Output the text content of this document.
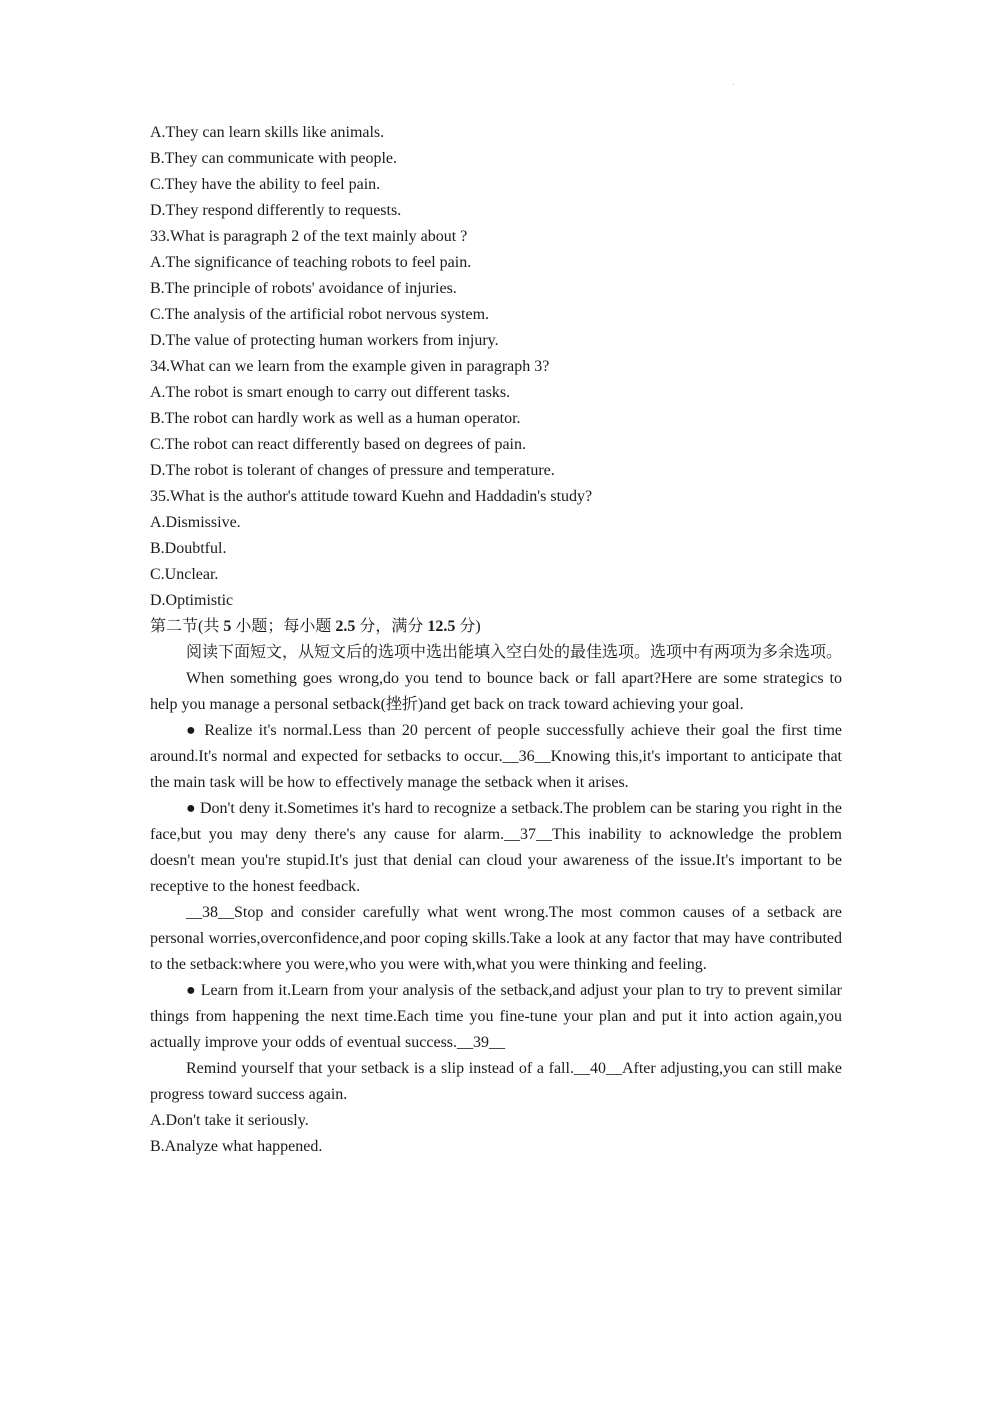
A.They can learn skills like animals.

B.They can communicate with people.

C.They have the ability to feel pain.

D.They respond differently to requests.

33.What is paragraph 2 of the text mainly about ?

A.The significance of teaching robots to feel pain.

B.The principle of robots' avoidance of injuries.

C.The analysis of the artificial robot nervous system.

D.The value of protecting human workers from injury.

34.What can we learn from the example given in paragraph 3?

A.The robot is smart enough to carry out different tasks.

B.The robot can hardly work as well as a human operator.

C.The robot can react differently based on degrees of pain.

D.The robot is tolerant of changes of pressure and temperature.

35.What is the author's attitude toward Kuehn and Haddadin's study?

A.Dismissive.

B.Doubtful.

C.Unclear.

D.Optimistic

第二节(共 5 小题；每小题 2.5 分，满分 12.5 分)

阅读下面短文，从短文后的选项中选出能填入空白处的最佳选项。选项中有两项为多余选项。

When something goes wrong,do you tend to bounce back or fall apart?Here are some strategics to help you manage a personal setback(挫折)and get back on track toward achieving your goal.

● Realize it's normal.Less than 20 percent of people successfully achieve their goal the first time around.It's normal and expected for setbacks to occur.__36__Knowing this,it's important to anticipate that the main task will be how to effectively manage the setback when it arises.

● Don't deny it.Sometimes it's hard to recognize a setback.The problem can be staring you right in the face,but you may deny there's any cause for alarm.__37__This inability to acknowledge the problem doesn't mean you're stupid.It's just that denial can cloud your awareness of the issue.It's important to be receptive to the honest feedback.

__38__Stop and consider carefully what went wrong.The most common causes of a setback are personal worries,overconfidence,and poor coping skills.Take a look at any factor that may have contributed to the setback:where you were,who you were with,what you were thinking and feeling.

● Learn from it.Learn from your analysis of the setback,and adjust your plan to try to prevent similar things from happening the next time.Each time you fine-tune your plan and put it into action again,you actually improve your odds of eventual success.__39__

Remind yourself that your setback is a slip instead of a fall.__40__After adjusting,you can still make progress toward success again.

A.Don't take it seriously.

B.Analyze what happened.
